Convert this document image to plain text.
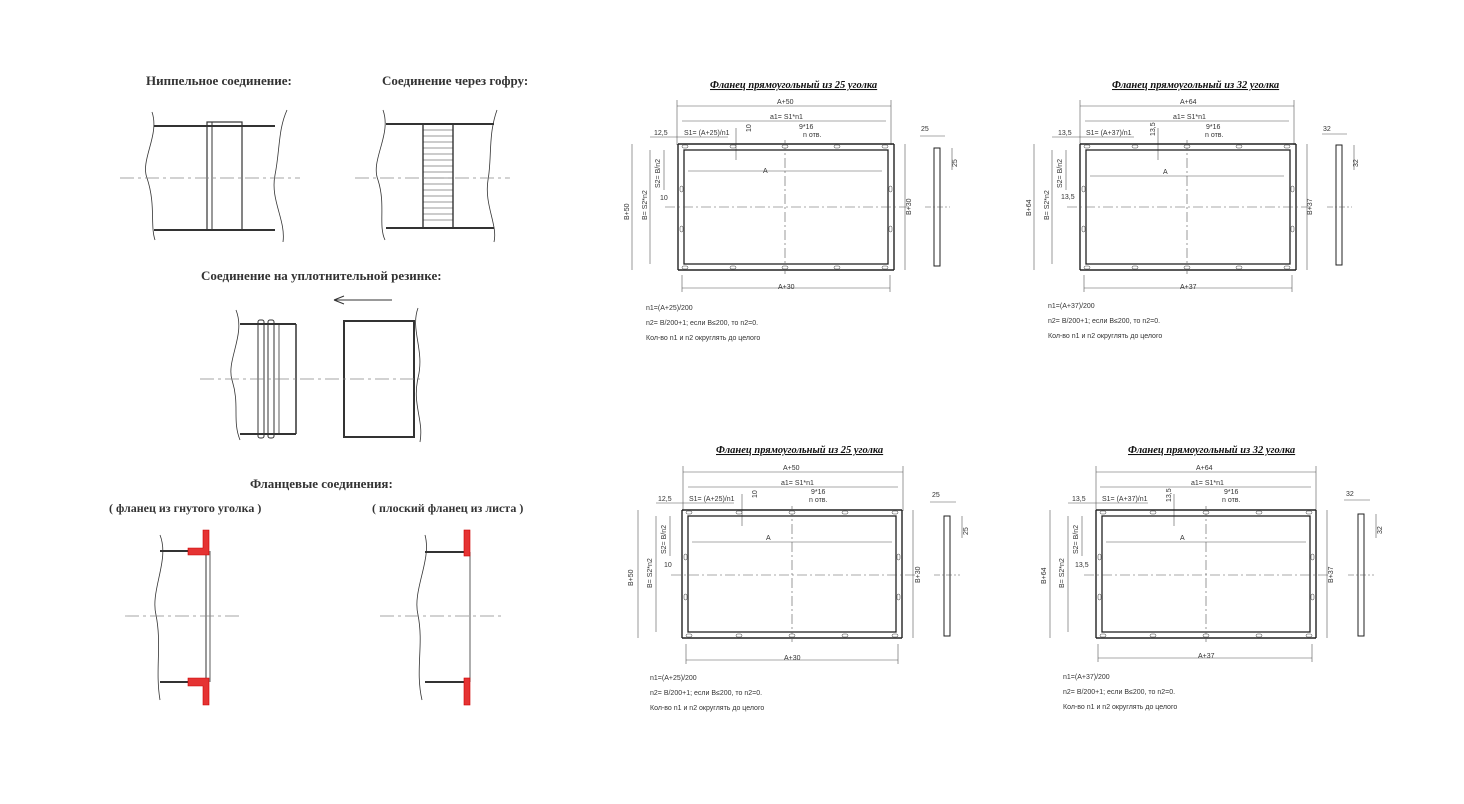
Ниппельное соединение:	Соединение через гофру:
Соединение на уплотнительной резинке:
Фланцевые соединения:
( фланец из гнутого уголка )	( плоский фланец из листа )
Фланец прямоугольный из 25 уголка
A+50
a1= S1*n1
12,5 S1= (A+25)/n1
10	9*16
n отв.
A
S2= B/n2
B+50 B= S2*n2 10	B+30
A+30
25
25
n1=(A+25)/200
n2= B/200+1; если B≤200, то n2=0.
Кол-во n1 и n2 округлять до целого
Фланец прямоугольный из 32 уголка
A+64
a1= S1*n1
13,5 S1= (A+37)/n1	13,5	9*16
n отв.
A
S2= B/n2
B+64 B= S2*n2 13,5
B+37
A+37
32
32
n1=(A+37)/200
n2= B/200+1; если B≤200, то n2=0.
Кол-во n1 и n2 округлять до целого
Фланец прямоугольный из 25 уголка
A+50
a1= S1*n1
12,5 S1= (A+25)/n1
10	9*16
n отв.
A
S2= B/n2
B+50 B= S2*n2 10
B+30
A+30
25
25
n1=(A+25)/200
n2= B/200+1; если B≤200, то n2=0.
Кол-во n1 и n2 округлять до целого
Фланец прямоугольный из 32 уголка
A+64
a1= S1*n1
13,5 S1= (A+37)/n1	13,5	9*16
n отв.
A
S2= B/n2
B+64 B= S2*n2 13,5
B+37
A+37
32
32
n1=(A+37)/200
n2= B/200+1; если B≤200, то n2=0.
Кол-во n1 и n2 округлять до целого
